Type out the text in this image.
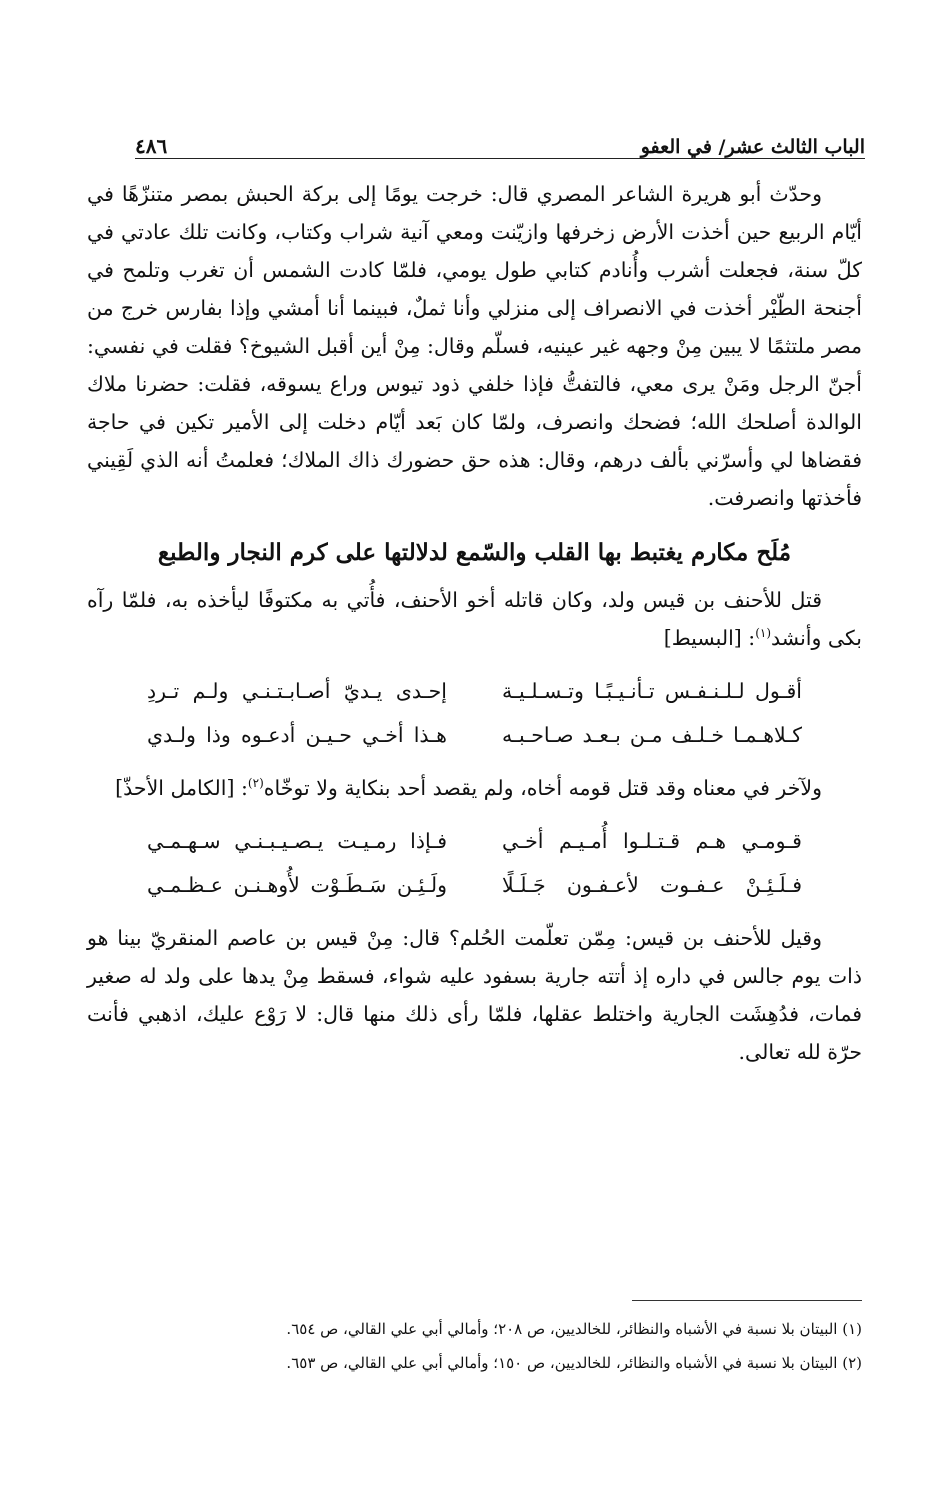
الباب الثالث عشر/ في العفو
٤٨٦

وحدّث أبو هريرة الشاعر المصري قال: خرجت يومًا إلى بركة الحبش بمصر متنزّهًا في أيّام الربيع حين أخذت الأرض زخرفها وازيّنت ومعي آنية شراب وكتاب، وكانت تلك عادتي في كلّ سنة، فجعلت أشرب وأُنادم كتابي طول يومي، فلمّا كادت الشمس أن تغرب وتلمح في أجنحة الطّيْر أخذت في الانصراف إلى منزلي وأنا ثملٌ، فبينما أنا أمشي وإذا بفارس خرج من مصر ملتثمًا لا يبين مِنْ وجهه غير عينيه، فسلّم وقال: مِنْ أين أقبل الشيوخ؟ فقلت في نفسي: أجنّ الرجل ومَنْ يرى معي، فالتفتُّ فإذا خلفي ذود تيوس وراع يسوقه، فقلت: حضرنا ملاك الوالدة أصلحك الله؛ فضحك وانصرف، ولمّا كان بَعد أيّام دخلت إلى الأمير تكين في حاجة فقضاها لي وأسرّني بألف درهم، وقال: هذه حق حضورك ذاك الملاك؛ فعلمتُ أنه الذي لَقِيني فأخذتها وانصرفت.

مُلَح مكارم يغتبط بها القلب والسّمع لدلالتها على كرم النجار والطبع

قتل للأحنف بن قيس ولد، وكان قاتله أخو الأحنف، فأُتي به مكتوفًا ليأخذه به، فلمّا رآه بكى وأنشد$^{(١)}$: [البسيط]

أقـول لـلـنـفـس تـأنـيـبًـا وتـسـلـيـة
إحـدى يـديّ أصـابـتـنـي ولـم تـردِ
كـلاهـمـا خـلـف مـن بـعـد صـاحـبـه
هـذا أخـي حـيـن أدعـوه وذا ولـدي

ولآخر في معناه وقد قتل قومه أخاه، ولم يقصد أحد بنكاية ولا توخّاه$^{(٢)}$: [الكامل الأحذّ]

قـومـي هـم قـتـلـوا أُمـيـم أخـي
فـإذا رمـيـت يـصـيـبـنـي سـهـمـي
فـلَـئِـنْ عـفـوت لأعـفـون جَـلَـلًا
ولَـئِـن سَـطَـوْت لأُوهـنـن عـظـمـي

وقيل للأحنف بن قيس: مِمّن تعلّمت الحُلم؟ قال: مِنْ قيس بن عاصم المنقريّ بينا هو ذات يوم جالس في داره إذ أتته جارية بسفود عليه شواء، فسقط مِنْ يدها على ولد له صغير فمات، فدُهِشَت الجارية واختلط عقلها، فلمّا رأى ذلك منها قال: لا رَوْع عليك، اذهبي فأنت حرّة لله تعالى.

(١) البيتان بلا نسبة في الأشباه والنظائر، للخالديين، ص ٢٠٨؛ وأمالي أبي علي القالي، ص ٦٥٤.

(٢) البيتان بلا نسبة في الأشباه والنظائر، للخالديين، ص ١٥٠؛ وأمالي أبي علي القالي، ص ٦٥٣.
